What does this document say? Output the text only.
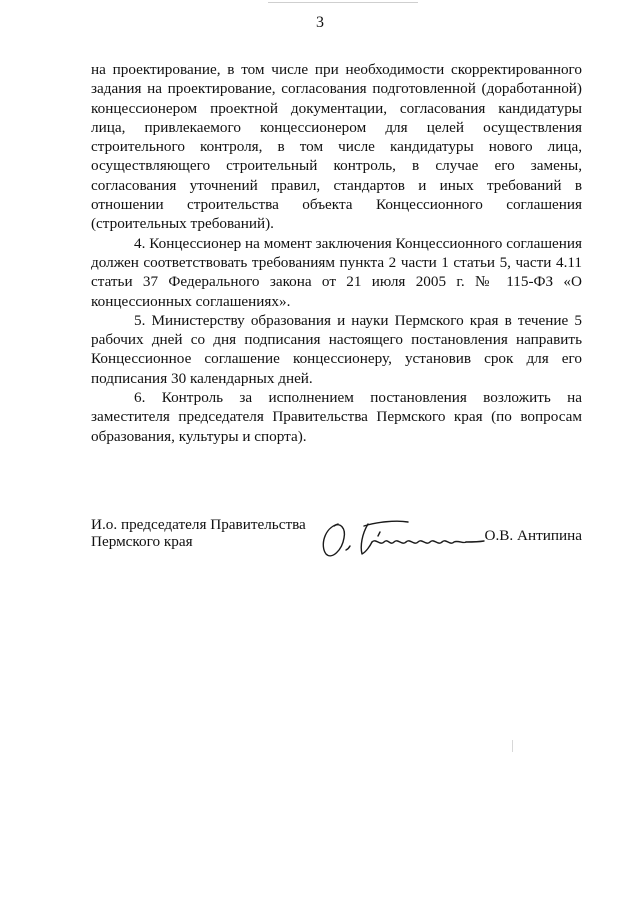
3

на проектирование, в том числе при необходимости скорректированного задания на проектирование, согласования подготовленной (доработанной) концессионером проектной документации, согласования кандидатуры лица, привлекаемого концессионером для целей осуществления строительного контроля, в том числе кандидатуры нового лица, осуществляющего строительный контроль, в случае его замены, согласования уточнений правил, стандартов и иных требований в отношении строительства объекта Концессионного соглашения (строительных требований).

4. Концессионер на момент заключения Концессионного соглашения должен соответствовать требованиям пункта 2 части 1 статьи 5, части 4.11 статьи 37 Федерального закона от 21 июля 2005 г. № 115-ФЗ «О концессионных соглашениях».

5. Министерству образования и науки Пермского края в течение 5 рабочих дней со дня подписания настоящего постановления направить Концессионное соглашение концессионеру, установив срок для его подписания 30 календарных дней.

6. Контроль за исполнением постановления возложить на заместителя председателя Правительства Пермского края (по вопросам образования, культуры и спорта).

И.о. председателя Правительства Пермского края	О.В. Антипина
